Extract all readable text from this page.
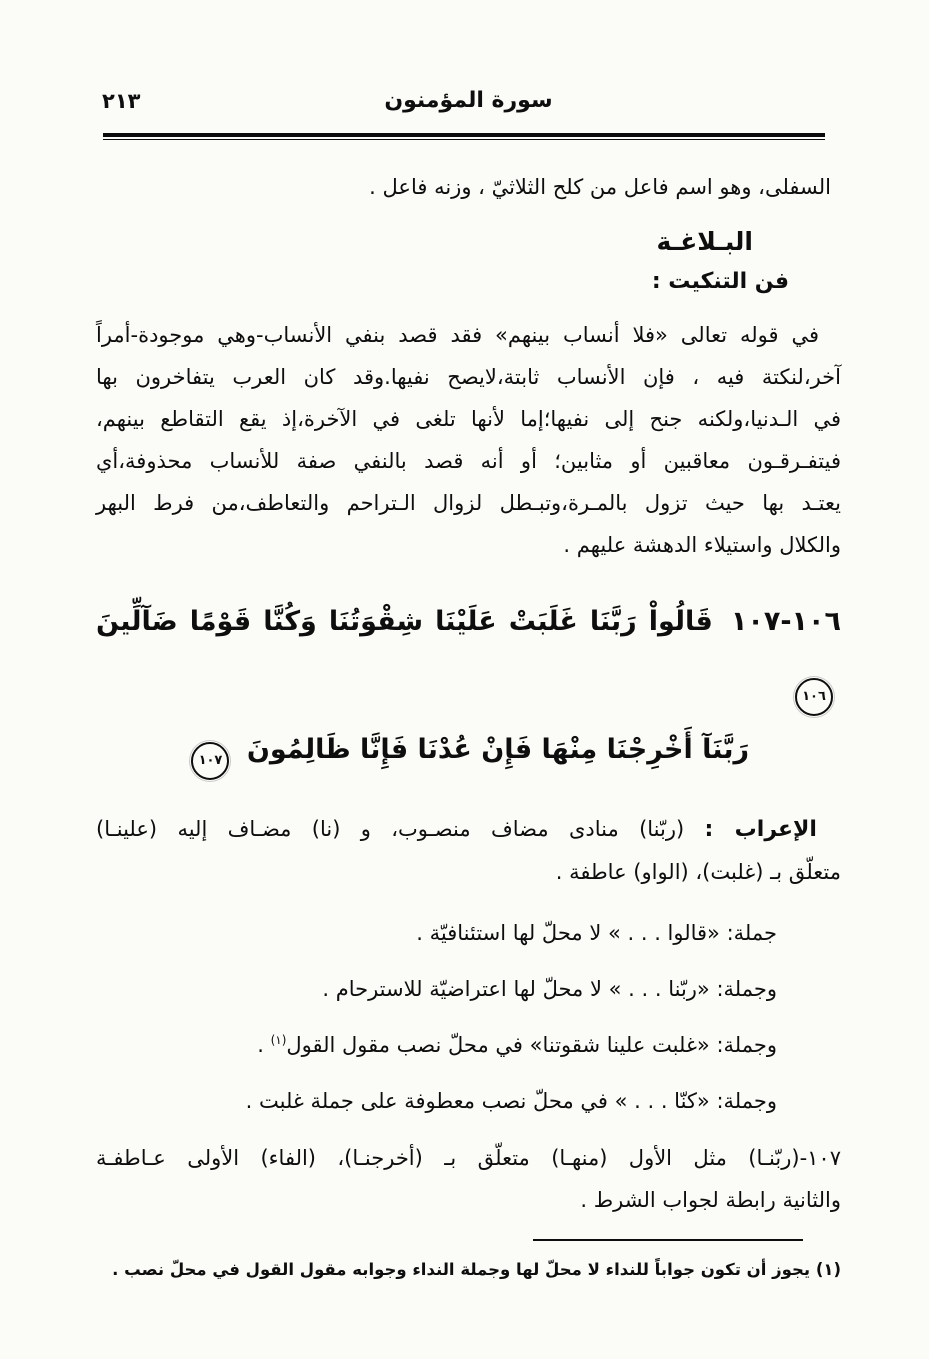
سورة المؤمنون
٢١٣
السفلى، وهو اسم فاعل من كلح الثلاثيّ ، وزنه فاعل .
البـلاغـة
فن التنكيت :
في قوله تعالى «فلا أنساب بينهم» فقد قصد بنفي الأنساب-وهي موجودة-أمراً
آخر،لنكتة فيه ، فإن الأنساب ثابتة،لايصح نفيها.وقد كان العرب يتفاخرون بها
في الـدنيا،ولكنه جنح إلى نفيها؛إما لأنها تلغى في الآخرة،إذ يقع التقاطع بينهم،
فيتفـرقـون معاقبين أو مثابين؛ أو أنه قصد بالنفي صفة للأنساب محذوفة،أي
يعتـد بها حيث تزول بالمـرة،وتبـطل لزوال الـتراحم والتعاطف،من فرط البهر
والكلال واستيلاء الدهشة عليهم .
١٠٦-١٠٧ قَالُواْ رَبَّنَا غَلَبَتْ عَلَيْنَا شِقْوَتُنَا وَكُنَّا قَوْمًا ضَآلِّينَ
١٠٦
رَبَّنَآ أَخْرِجْنَا مِنْهَا فَإِنْ عُدْنَا فَإِنَّا ظَالِمُونَ
١٠٧
الإعراب : (ربّنا) منادى مضاف منصـوب، و (نا) مضـاف إليه (علينـا)
متعلّق بـ (غلبت)، (الواو) عاطفة .
جملة: «قالوا . . . » لا محلّ لها استئنافيّة .
وجملة: «ربّنا . . . » لا محلّ لها اعتراضيّة للاسترحام .
وجملة: «غلبت علينا شقوتنا» في محلّ نصب مقول القول$^{(١)}$ .
وجملة: «كنّا . . . » في محلّ نصب معطوفة على جملة غلبت .
١٠٧-(ربّنـا) مثل الأول (منهـا) متعلّق بـ (أخرجنـا)، (الفاء) الأولى عـاطفـة
والثانية رابطة لجواب الشرط .
(١) يجوز أن تكون جواباً للنداء لا محلّ لها وجملة النداء وجوابه مقول القول في محلّ نصب .
